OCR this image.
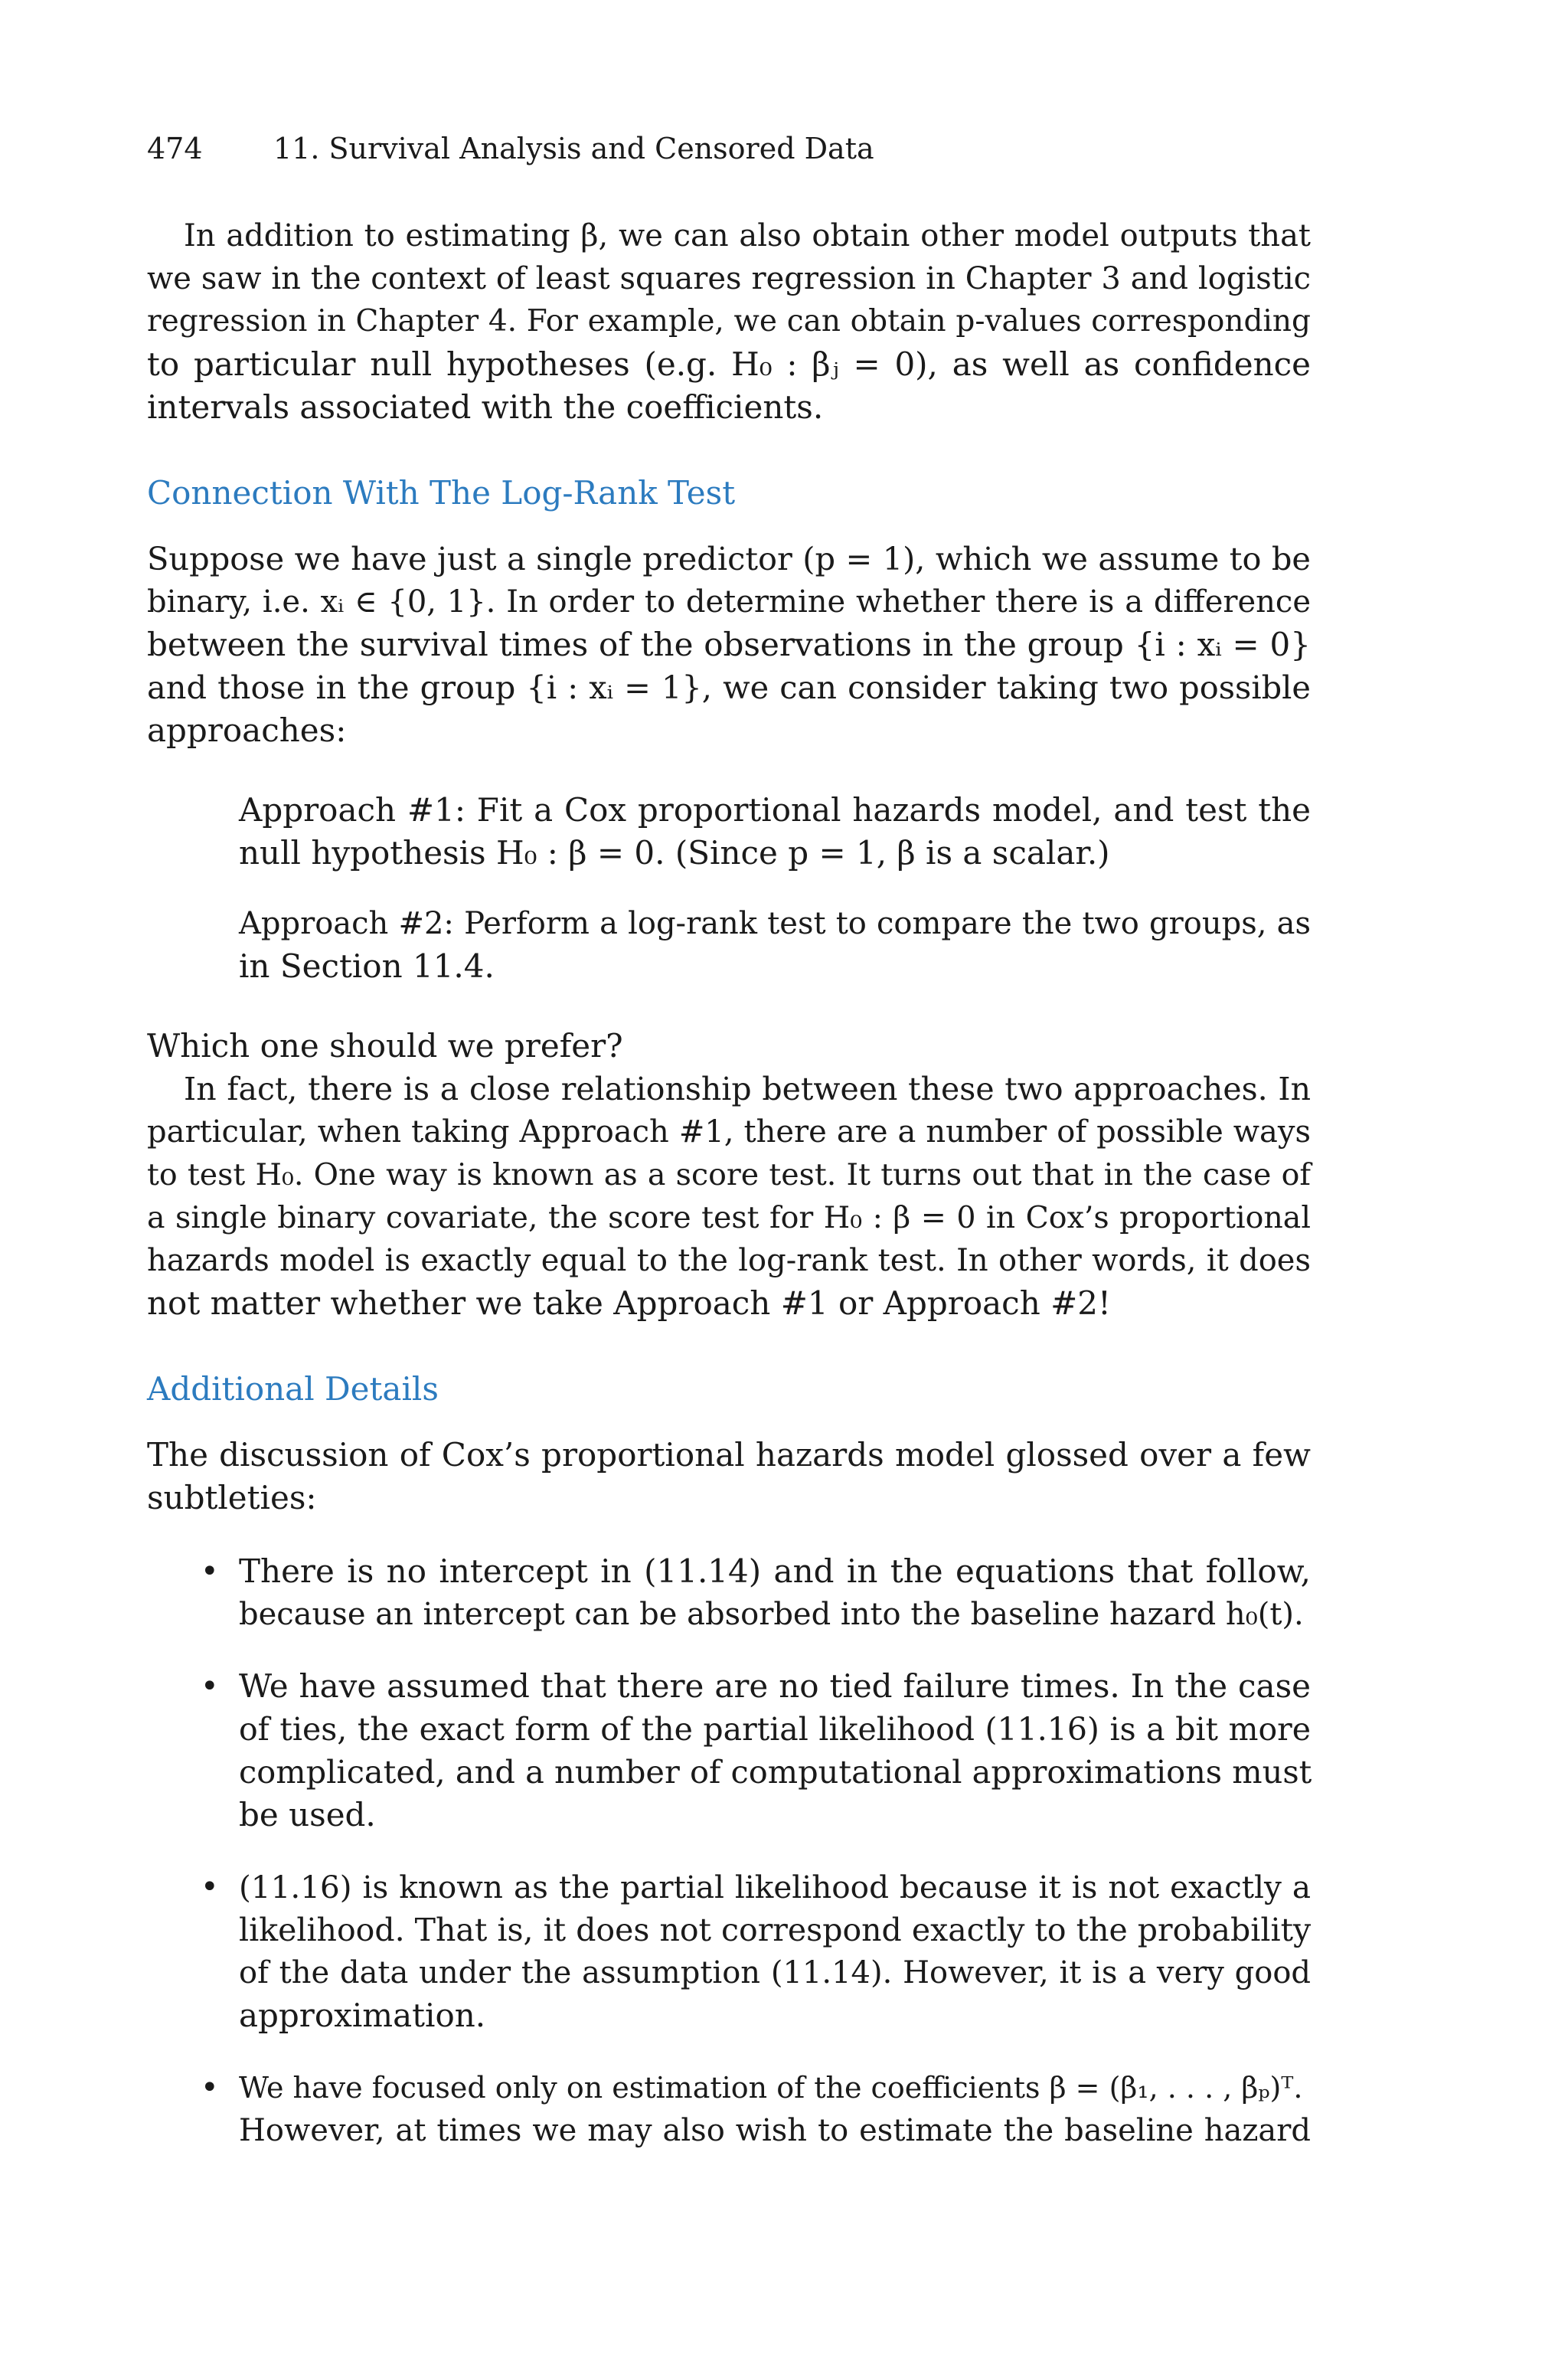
474 11. Survival Analysis and Censored Data
In addition to estimating β, we can also obtain other model outputs that
we saw in the context of least squares regression in Chapter 3 and logistic
regression in Chapter 4. For example, we can obtain p-values corresponding
to particular null hypotheses (e.g. H₀ : βⱼ = 0), as well as confidence
intervals associated with the coefficients.
Connection With The Log-Rank Test
Suppose we have just a single predictor (p = 1), which we assume to be
binary, i.e. xᵢ ∈ {0, 1}. In order to determine whether there is a difference
between the survival times of the observations in the group {i : xᵢ = 0}
and those in the group {i : xᵢ = 1}, we can consider taking two possible
approaches:
Approach #1: Fit a Cox proportional hazards model, and test the
null hypothesis H₀ : β = 0. (Since p = 1, β is a scalar.)
Approach #2: Perform a log-rank test to compare the two groups, as
in Section 11.4.
Which one should we prefer?
In fact, there is a close relationship between these two approaches. In
particular, when taking Approach #1, there are a number of possible ways
to test H₀. One way is known as a score test. It turns out that in the case of
a single binary covariate, the score test for H₀ : β = 0 in Cox’s proportional
hazards model is exactly equal to the log-rank test. In other words, it does
not matter whether we take Approach #1 or Approach #2!
Additional Details
The discussion of Cox’s proportional hazards model glossed over a few
subtleties:
• There is no intercept in (11.14) and in the equations that follow,
because an intercept can be absorbed into the baseline hazard h₀(t).
• We have assumed that there are no tied failure times. In the case
of ties, the exact form of the partial likelihood (11.16) is a bit more
complicated, and a number of computational approximations must
be used.
• (11.16) is known as the partial likelihood because it is not exactly a
likelihood. That is, it does not correspond exactly to the probability
of the data under the assumption (11.14). However, it is a very good
approximation.
• We have focused only on estimation of the coefficients β = (β₁, . . . , βₚ)ᵀ.
However, at times we may also wish to estimate the baseline hazard
